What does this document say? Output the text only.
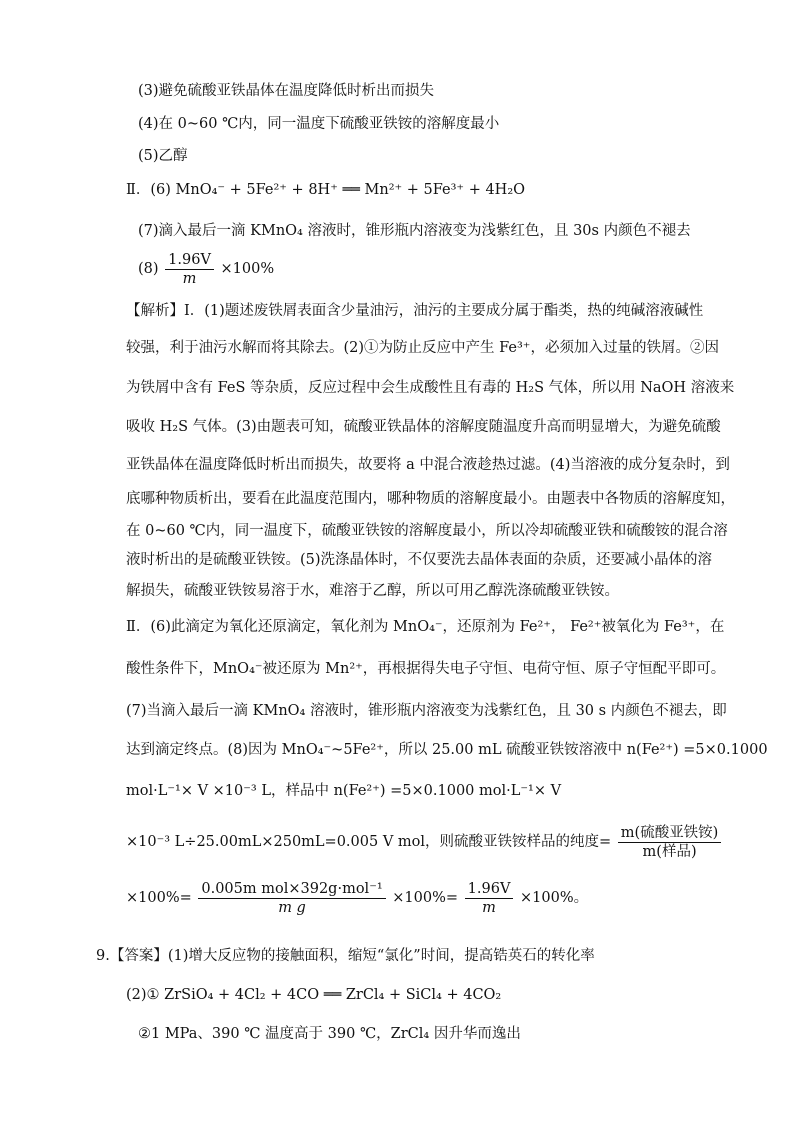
(3)避免硫酸亚铁晶体在温度降低时析出而损失
(4)在 0~60 ℃内，同一温度下硫酸亚铁铵的溶解度最小
(5)乙醇
Ⅱ．(6) MnO₄⁻ + 5Fe²⁺ + 8H⁺ ══ Mn²⁺ + 5Fe³⁺ + 4H₂O
(7)滴入最后一滴 KMnO₄ 溶液时，锥形瓶内溶液变为浅紫红色，且 30s 内颜色不褪去
$(8) \frac{1.96V}{m} \times 100\%$
【解析】Ⅰ．(1)题述废铁屑表面含少量油污，油污的主要成分属于酯类，热的纯碱溶液碱性
较强，利于油污水解而将其除去。(2)①为防止反应中产生 Fe³⁺，必须加入过量的铁屑。②因
为铁屑中含有 FeS 等杂质，反应过程中会生成酸性且有毒的 H₂S 气体，所以用 NaOH 溶液来
吸收 H₂S 气体。(3)由题表可知，硫酸亚铁晶体的溶解度随温度升高而明显增大，为避免硫酸
亚铁晶体在温度降低时析出而损失，故要将 a 中混合液趁热过滤。(4)当溶液的成分复杂时，到
底哪种物质析出，要看在此温度范围内，哪种物质的溶解度最小。由题表中各物质的溶解度知，
在 0~60 ℃内，同一温度下，硫酸亚铁铵的溶解度最小，所以冷却硫酸亚铁和硫酸铵的混合溶
液时析出的是硫酸亚铁铵。(5)洗涤晶体时，不仅要洗去晶体表面的杂质，还要减小晶体的溶
解损失，硫酸亚铁铵易溶于水，难溶于乙醇，所以可用乙醇洗涤硫酸亚铁铵。
Ⅱ．(6)此滴定为氧化还原滴定，氧化剂为 MnO₄⁻，还原剂为 Fe²⁺， Fe²⁺被氧化为 Fe³⁺，在
酸性条件下，MnO₄⁻被还原为 Mn²⁺，再根据得失电子守恒、电荷守恒、原子守恒配平即可。
(7)当滴入最后一滴 KMnO₄ 溶液时，锥形瓶内溶液变为浅紫红色，且 30 s 内颜色不褪去，即
达到滴定终点。(8)因为 MnO₄⁻~5Fe²⁺，所以 25.00 mL 硫酸亚铁铵溶液中 n(Fe²⁺) =5×0.1000
mol·L⁻¹× V ×10⁻³ L，样品中 n(Fe²⁺) =5×0.1000 mol·L⁻¹× V
×10⁻³ L÷25.00mL×250mL=0.005 V mol，则硫酸亚铁铵样品的纯度= $\frac{\text{m(硫酸亚铁铵)}}{\text{m(样品)}}$
$\times 100\%= \frac{\text{0.005m mol×392g·mol⁻¹}}{\text{m g}} \times 100\%= \frac{1.96V}{m} \times 100\%$。
9.【答案】(1)增大反应物的接触面积，缩短“氯化”时间，提高锆英石的转化率
(2)① ZrSiO₄ + 4Cl₂ + 4CO ══ ZrCl₄ + SiCl₄ + 4CO₂
②1 MPa、390 ℃ 温度高于 390 ℃，ZrCl₄ 因升华而逸出
